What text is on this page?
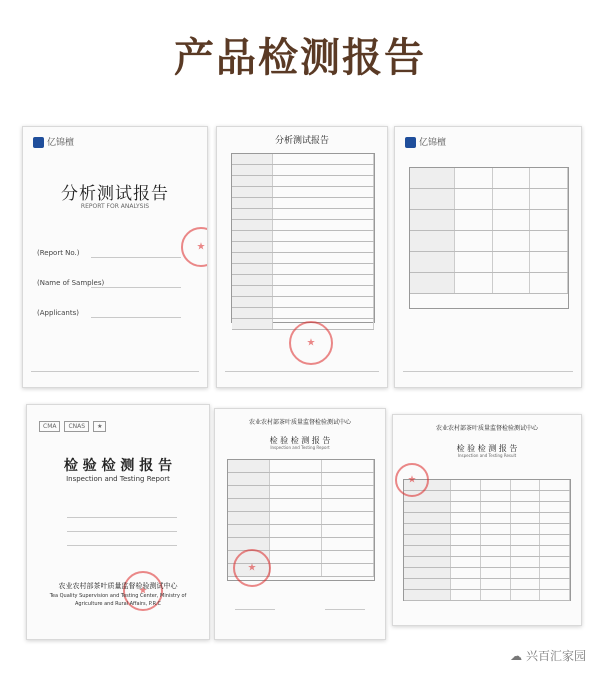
产品检测报告
亿锦檀
分析测试报告
REPORT FOR ANALYSIS
(Report No.)
(Name of Samples)
(Applicants)
★
分析测试报告
★	亿锦檀
CMA CNAS ★
检 验 检 测 报 告
Inspection and Testing Report
★
农业农村部茶叶质量监督检验测试中心
Tea Quality Supervision and Testing Center, Ministry of
Agriculture and Rural Affairs, P.R.C
农业农村部茶叶质量监督检验测试中心
检 验 检 测 报 告
Inspection and Testing Report
★
农业农村部茶叶质量监督检验测试中心
检 验 检 测 报 告
Inspection and Testing Result
★
☁ 兴百汇家园
